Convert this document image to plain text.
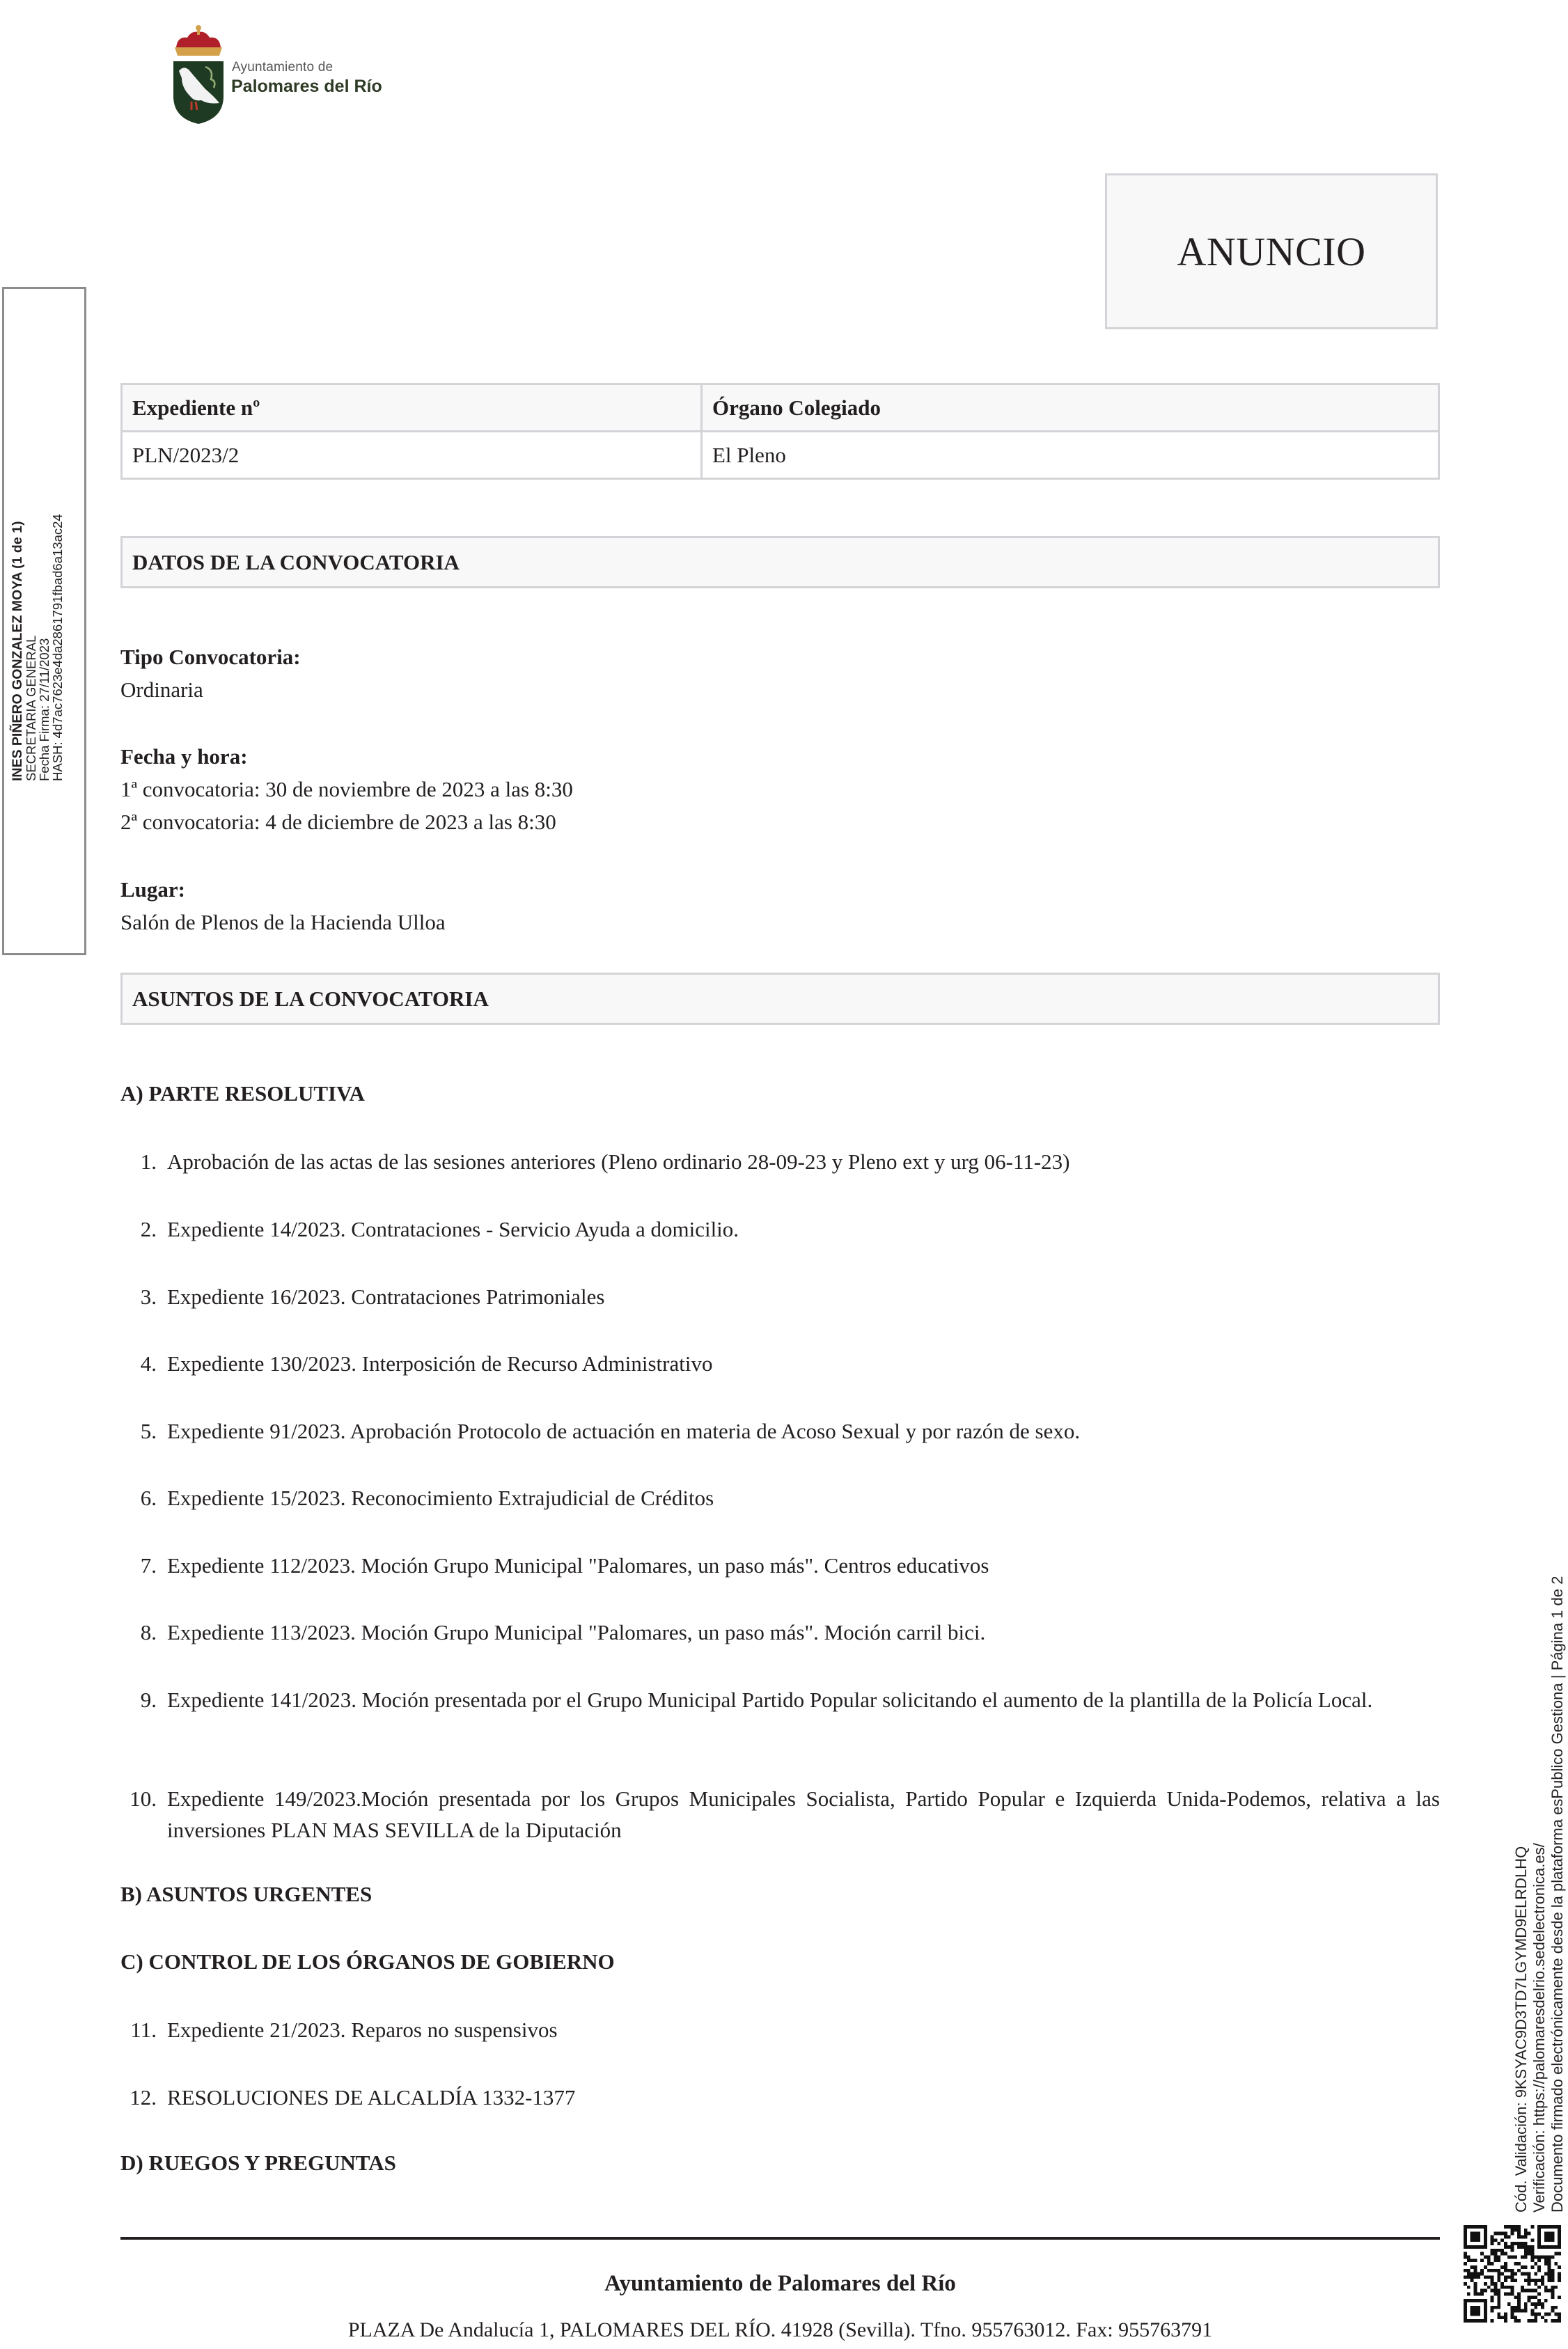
Ayuntamiento de
Palomares del Río
ANUNCIO
INES PIÑERO GONZALEZ MOYA (1 de 1)
SECRETARIA GENERAL
Fecha Firma: 27/11/2023
HASH: 4d7ac7623e4da2861791fbad6a13ac24
Expediente nº	Órgano Colegiado
PLN/2023/2	El Pleno
DATOS DE LA CONVOCATORIA
Tipo Convocatoria:
Ordinaria
Fecha y hora:
1ª convocatoria: 30 de noviembre de 2023 a las 8:30
2ª convocatoria: 4 de diciembre de 2023 a las 8:30
Lugar:
Salón de Plenos de la Hacienda Ulloa
ASUNTOS DE LA CONVOCATORIA
A) PARTE RESOLUTIVA
1. Aprobación de las actas de las sesiones anteriores (Pleno ordinario 28-09-23 y Pleno ext y urg 06-11-23)
2. Expediente 14/2023. Contrataciones - Servicio Ayuda a domicilio.
3. Expediente 16/2023. Contrataciones Patrimoniales
4. Expediente 130/2023. Interposición de Recurso Administrativo
5. Expediente 91/2023. Aprobación Protocolo de actuación en materia de Acoso Sexual y por razón de sexo.
6. Expediente 15/2023. Reconocimiento Extrajudicial de Créditos
7. Expediente 112/2023. Moción Grupo Municipal "Palomares, un paso más". Centros educativos
8. Expediente 113/2023. Moción Grupo Municipal "Palomares, un paso más". Moción carril bici.
9. Expediente 141/2023. Moción presentada por el Grupo Municipal Partido Popular solicitando el aumento de la plantilla de la Policía Local.
10. Expediente 149/2023.Moción presentada por los Grupos Municipales Socialista, Partido Popular e Izquierda Unida-Podemos, relativa a las inversiones PLAN MAS SEVILLA de la Diputación
B) ASUNTOS URGENTES
C) CONTROL DE LOS ÓRGANOS DE GOBIERNO
11. Expediente 21/2023. Reparos no suspensivos
12. RESOLUCIONES DE ALCALDÍA 1332-1377
D) RUEGOS Y PREGUNTAS
Ayuntamiento de Palomares del Río
PLAZA De Andalucía 1, PALOMARES DEL RÍO. 41928 (Sevilla). Tfno. 955763012. Fax: 955763791
Cód. Validación: 9KSYAC9D3TD7LGYMD9ELRDLHQ Verificación: https://palomaresdelrio.sedelectronica.es/ Documento firmado electrónicamente desde la plataforma esPublico Gestiona | Página 1 de 2
